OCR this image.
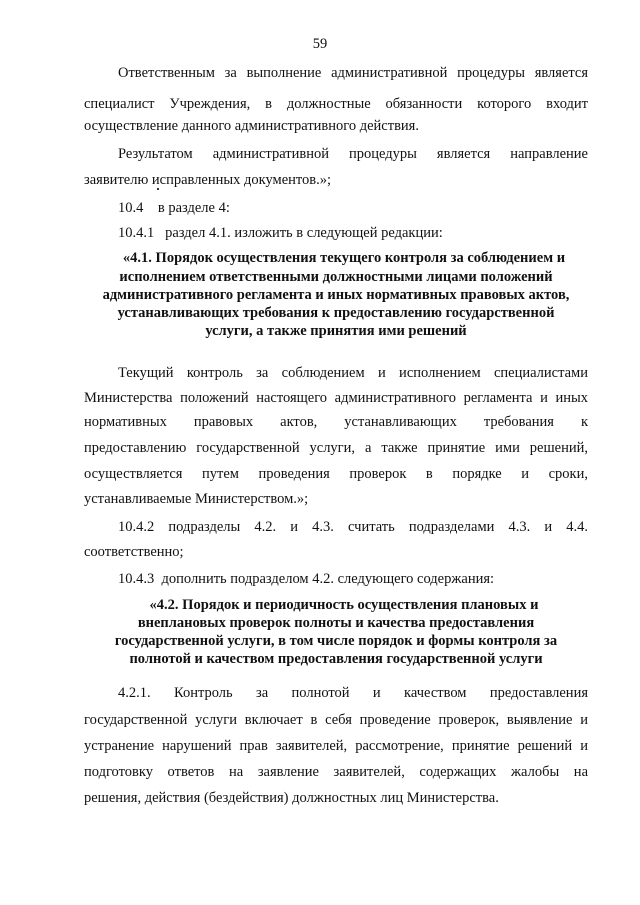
59
Ответственным за выполнение административной процедуры является
специалист Учреждения, в должностные обязанности которого входит
осуществление данного административного действия.
Результатом административной процедуры является направление
заявителю исправленных документов.»;
10.4    в разделе 4:
10.4.1   раздел 4.1. изложить в следующей редакции:
«4.1. Порядок осуществления текущего контроля за соблюдением и
исполнением ответственными должностными лицами положений
административного регламента и иных нормативных правовых актов,
устанавливающих требования к предоставлению государственной
услуги, а также принятия ими решений
Текущий контроль за соблюдением и исполнением специалистами
Министерства положений настоящего административного регламента и иных
нормативных правовых актов, устанавливающих требования к
предоставлению государственной услуги, а также принятие ими решений,
осуществляется путем проведения проверок в порядке и сроки,
устанавливаемые Министерством.»;
10.4.2 подразделы 4.2. и 4.3. считать подразделами 4.3. и 4.4.
соответственно;
10.4.3  дополнить подразделом 4.2. следующего содержания:
«4.2. Порядок и периодичность осуществления плановых и
внеплановых проверок полноты и качества предоставления
государственной услуги, в том числе порядок и формы контроля за
полнотой и качеством предоставления государственной услуги
4.2.1. Контроль за полнотой и качеством предоставления
государственной услуги включает в себя проведение проверок, выявление и
устранение нарушений прав заявителей, рассмотрение, принятие решений и
подготовку ответов на заявление заявителей, содержащих жалобы на
решения, действия (бездействия) должностных лиц Министерства.
